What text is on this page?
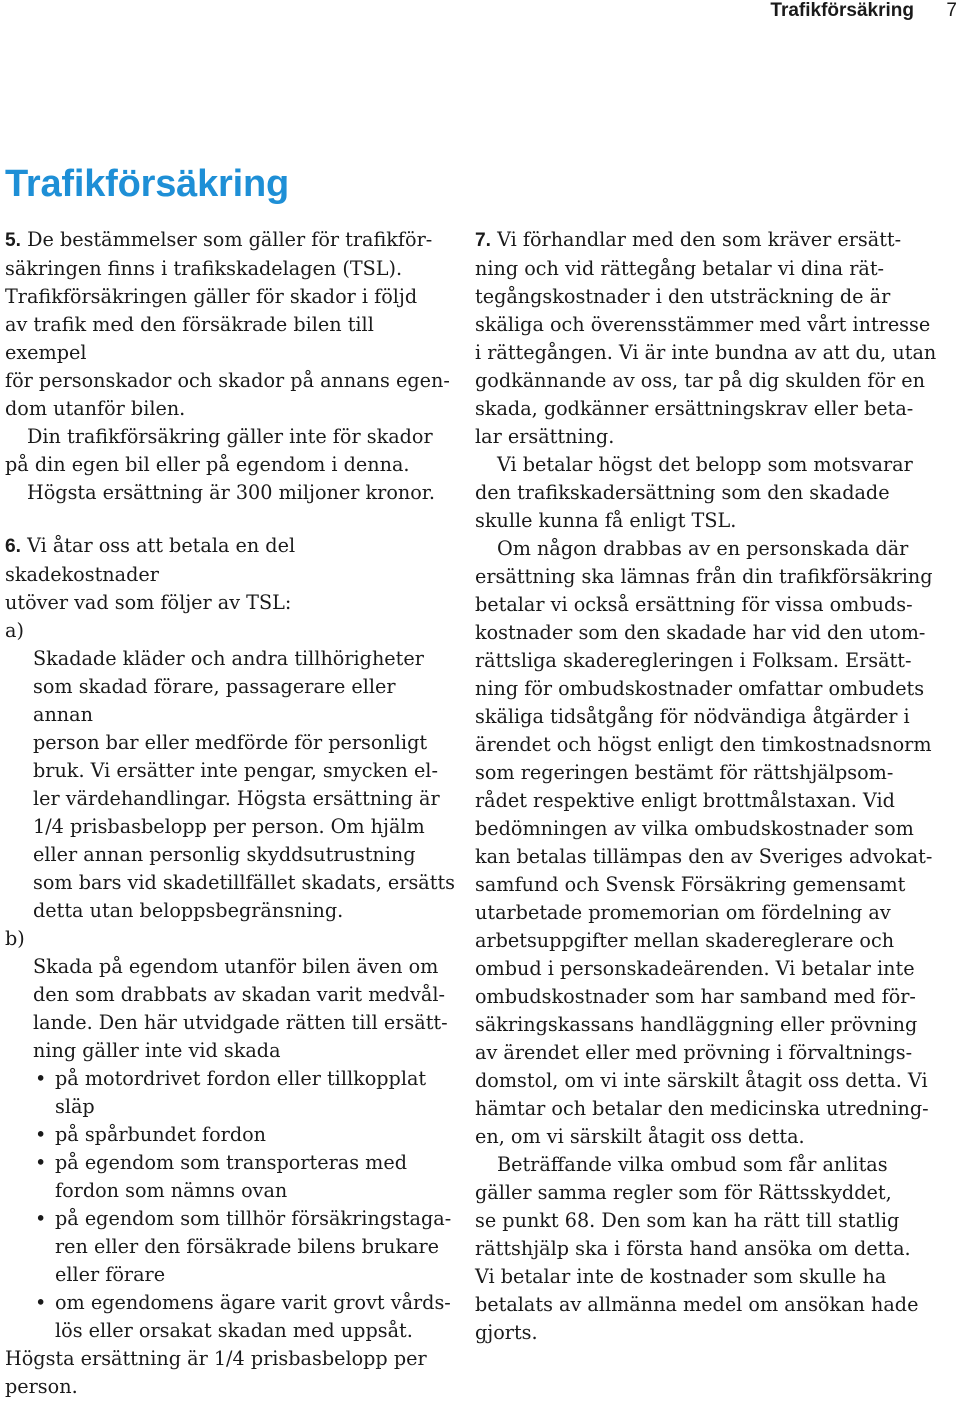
Trafikförsäkring 7
Trafikförsäkring

5. De bestämmelser som gäller för trafikför-
säkringen finns i trafikskadelagen (TSL).
Trafikförsäkringen gäller för skador i följd
av trafik med den försäkrade bilen till exempel
för personskador och skador på annans egen-
dom utanför bilen.

Din trafikförsäkring gäller inte för skador
på din egen bil eller på egendom i denna.

Högsta ersättning är 300 miljoner kronor.

6. Vi åtar oss att betala en del skadekostnader
utöver vad som följer av TSL:

a)
Skadade kläder och andra tillhörigheter
som skadad förare, passagerare eller annan
person bar eller medförde för personligt
bruk. Vi ersätter inte pengar, smycken el-
ler värdehandlingar. Högsta ersättning är
1/4 prisbasbelopp per person. Om hjälm
eller annan personlig skyddsutrustning
som bars vid skadetillfället skadats, ersätts
detta utan beloppsbegränsning.

b)
Skada på egendom utanför bilen även om
den som drabbats av skadan varit medvål-
lande. Den här utvidgade rätten till ersätt-
ning gäller inte vid skada

• på motordrivet fordon eller tillkopplat
släp
• på spårbundet fordon
• på egendom som transporteras med
fordon som nämns ovan
• på egendom som tillhör försäkringstaga-
ren eller den försäkrade bilens brukare
eller förare
• om egendomens ägare varit grovt vårds-
lös eller orsakat skadan med uppsåt.

Högsta ersättning är 1/4 prisbasbelopp per
person.

7. Vi förhandlar med den som kräver ersätt-
ning och vid rättegång betalar vi dina rät-
tegångskostnader i den utsträckning de är
skäliga och överensstämmer med vårt intresse
i rättegången. Vi är inte bundna av att du, utan
godkännande av oss, tar på dig skulden för en
skada, godkänner ersättningskrav eller beta-
lar ersättning.

Vi betalar högst det belopp som motsvarar
den trafikskadersättning som den skadade
skulle kunna få enligt TSL.

Om någon drabbas av en personskada där
ersättning ska lämnas från din trafikförsäkring
betalar vi också ersättning för vissa ombuds-
kostnader som den skadade har vid den utom-
rättsliga skaderegleringen i Folksam. Ersätt-
ning för ombudskostnader omfattar ombudets
skäliga tidsåtgång för nödvändiga åtgärder i
ärendet och högst enligt den timkostnadsnorm
som regeringen bestämt för rättshjälpsom-
rådet respektive enligt brottmålstaxan. Vid
bedömningen av vilka ombudskostnader som
kan betalas tillämpas den av Sveriges advokat-
samfund och Svensk Försäkring gemensamt
utarbetade promemorian om fördelning av
arbetsuppgifter mellan skadereglerare och
ombud i personskadeärenden. Vi betalar inte
ombudskostnader som har samband med för-
säkringskassans handläggning eller prövning
av ärendet eller med prövning i förvaltnings-
domstol, om vi inte särskilt åtagit oss detta. Vi
hämtar och betalar den medicinska utredning-
en, om vi särskilt åtagit oss detta.

Beträffande vilka ombud som får anlitas
gäller samma regler som för Rättsskyddet,
se punkt 68. Den som kan ha rätt till statlig
rättshjälp ska i första hand ansöka om detta.
Vi betalar inte de kostnader som skulle ha
betalats av allmänna medel om ansökan hade
gjorts.
